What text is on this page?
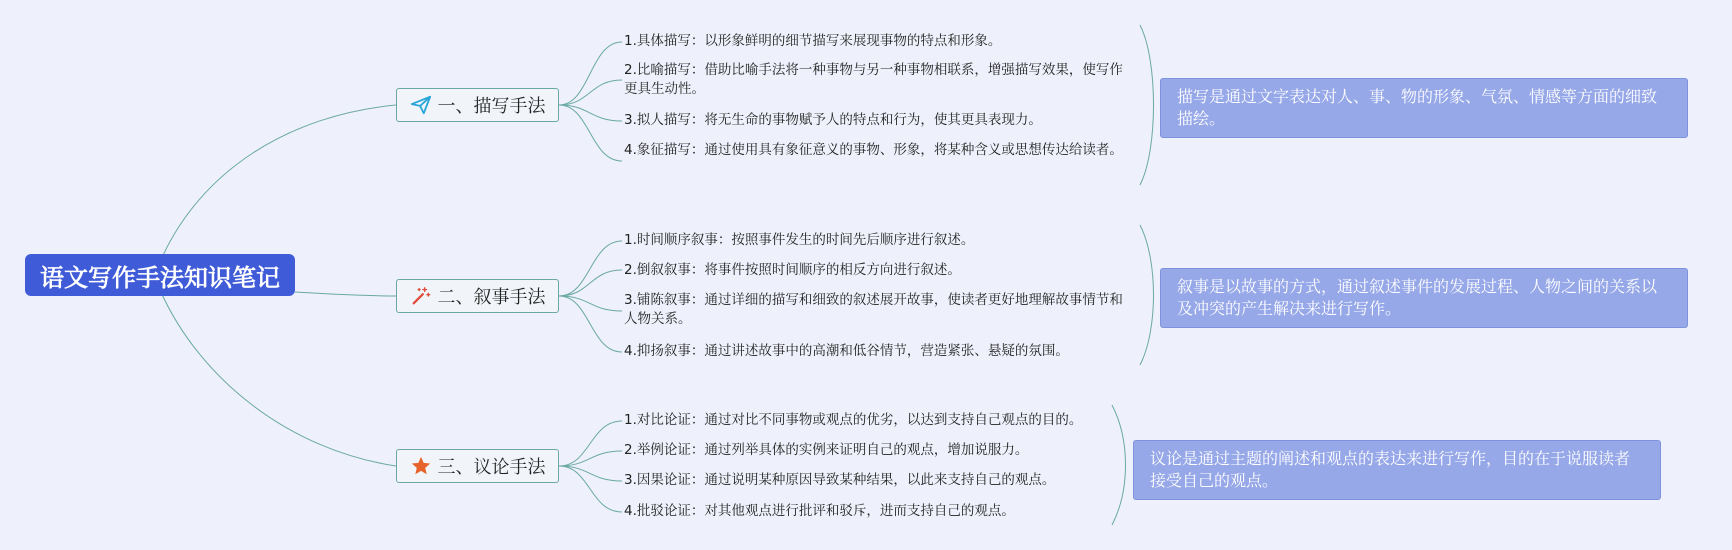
语文写作手法知识笔记
一、描写手法
1.具体描写：以形象鲜明的细节描写来展现事物的特点和形象。
2.比喻描写：借助比喻手法将一种事物与另一种事物相联系，增强描写效果，使写作更具生动性。
3.拟人描写：将无生命的事物赋予人的特点和行为，使其更具表现力。
4.象征描写：通过使用具有象征意义的事物、形象，将某种含义或思想传达给读者。
描写是通过文字表达对人、事、物的形象、气氛、情感等方面的细致描绘。
二、叙事手法
1.时间顺序叙事：按照事件发生的时间先后顺序进行叙述。
2.倒叙叙事：将事件按照时间顺序的相反方向进行叙述。
3.铺陈叙事：通过详细的描写和细致的叙述展开故事，使读者更好地理解故事情节和人物关系。
4.抑扬叙事：通过讲述故事中的高潮和低谷情节，营造紧张、悬疑的氛围。
叙事是以故事的方式，通过叙述事件的发展过程、人物之间的关系以及冲突的产生解决来进行写作。
三、议论手法
1.对比论证：通过对比不同事物或观点的优劣，以达到支持自己观点的目的。
2.举例论证：通过列举具体的实例来证明自己的观点，增加说服力。
3.因果论证：通过说明某种原因导致某种结果，以此来支持自己的观点。
4.批驳论证：对其他观点进行批评和驳斥，进而支持自己的观点。
议论是通过主题的阐述和观点的表达来进行写作，目的在于说服读者接受自己的观点。
